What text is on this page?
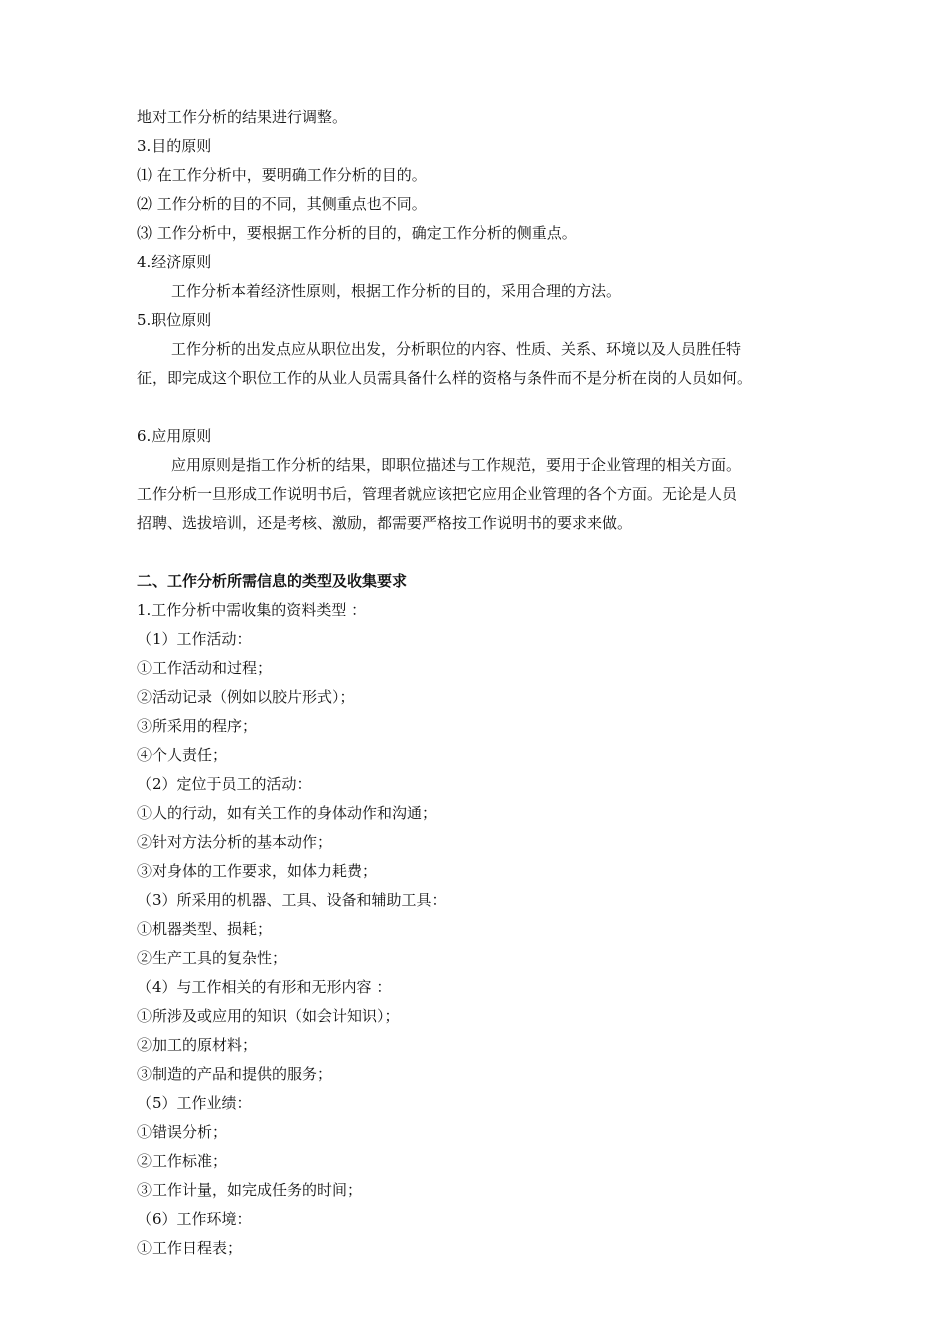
地对工作分析的结果进行调整。
3.目的原则
⑴ 在工作分析中，要明确工作分析的目的。
⑵ 工作分析的目的不同，其侧重点也不同。
⑶ 工作分析中，要根据工作分析的目的，确定工作分析的侧重点。
4.经济原则
工作分析本着经济性原则，根据工作分析的目的，采用合理的方法。
5.职位原则
工作分析的出发点应从职位出发，分析职位的内容、性质、关系、环境以及人员胜任特
征，即完成这个职位工作的从业人员需具备什么样的资格与条件而不是分析在岗的人员如何。
6.应用原则
应用原则是指工作分析的结果，即职位描述与工作规范，要用于企业管理的相关方面。
工作分析一旦形成工作说明书后，管理者就应该把它应用企业管理的各个方面。无论是人员
招聘、选拔培训，还是考核、激励，都需要严格按工作说明书的要求来做。
二、工作分析所需信息的类型及收集要求
1.工作分析中需收集的资料类型 ：
（1）工作活动：
①工作活动和过程；
②活动记录（例如以胶片形式）；
③所采用的程序；
④个人责任；
（2）定位于员工的活动：
①人的行动，如有关工作的身体动作和沟通；
②针对方法分析的基本动作；
③对身体的工作要求，如体力耗费；
（3）所采用的机器、工具、设备和辅助工具：
①机器类型、损耗；
②生产工具的复杂性；
（4）与工作相关的有形和无形内容 ：
①所涉及或应用的知识（如会计知识）；
②加工的原材料；
③制造的产品和提供的服务；
（5）工作业绩：
①错误分析；
②工作标准；
③工作计量，如完成任务的时间；
（6）工作环境：
①工作日程表；
